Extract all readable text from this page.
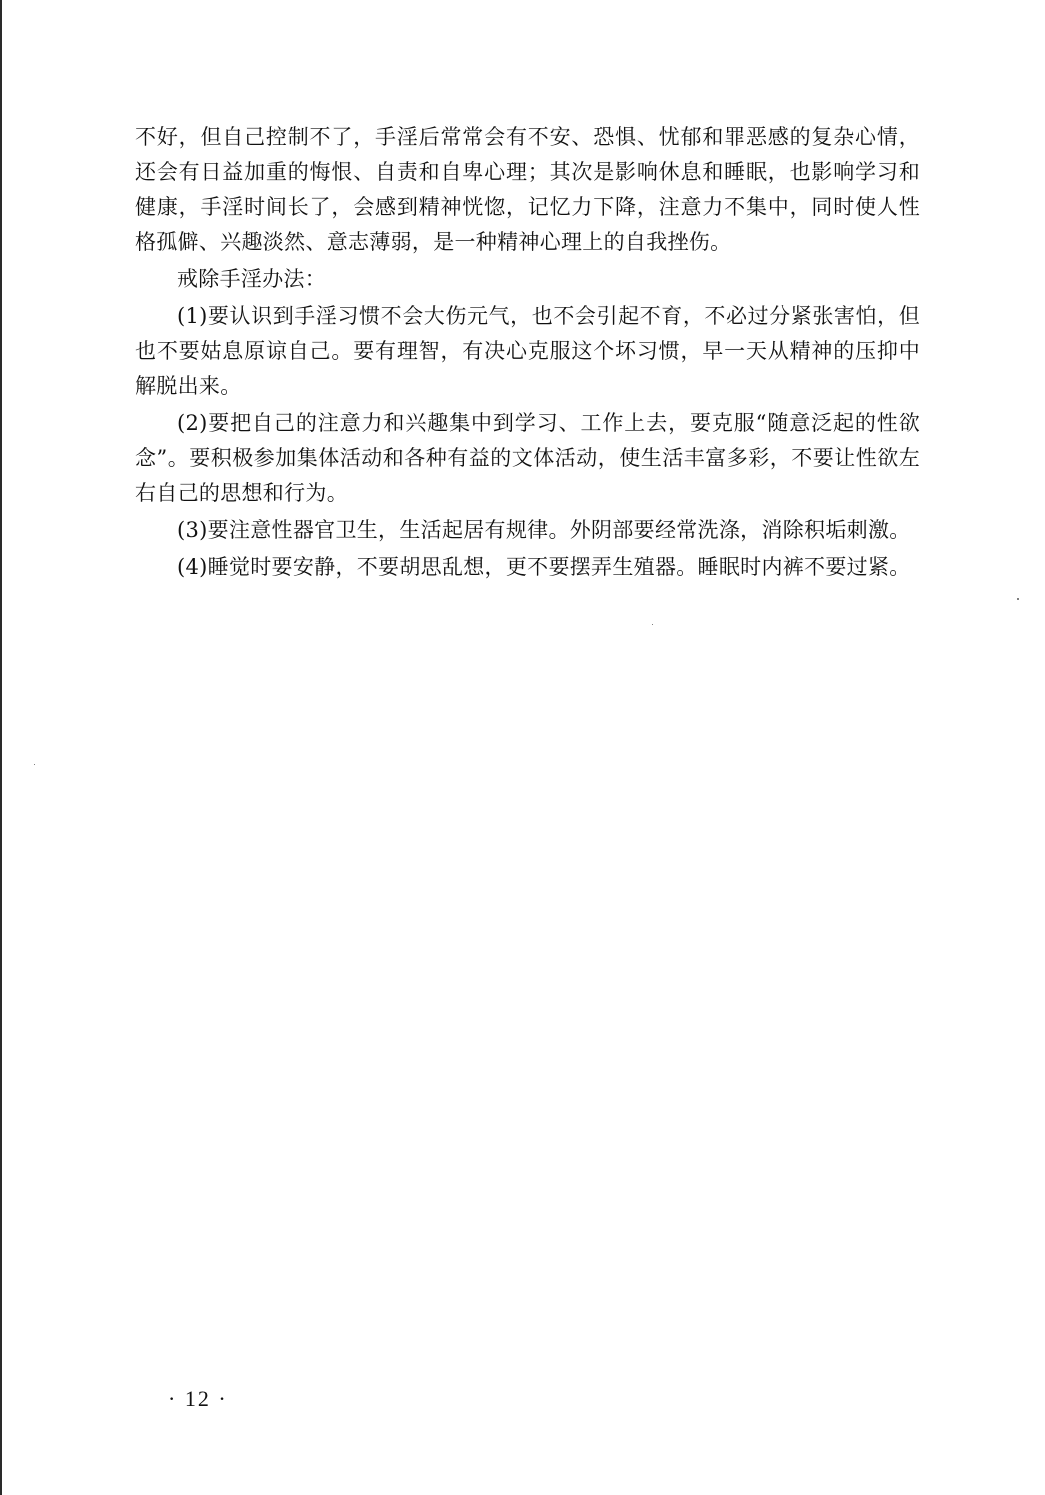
不好，但自己控制不了，手淫后常常会有不安、恐惧、忧郁和罪恶感的复杂心情，还会有日益加重的悔恨、自责和自卑心理；其次是影响休息和睡眠，也影响学习和健康，手淫时间长了，会感到精神恍惚，记忆力下降，注意力不集中，同时使人性格孤僻、兴趣淡然、意志薄弱，是一种精神心理上的自我挫伤。

戒除手淫办法：

(1)要认识到手淫习惯不会大伤元气，也不会引起不育，不必过分紧张害怕，但也不要姑息原谅自己。要有理智，有决心克服这个坏习惯，早一天从精神的压抑中解脱出来。

(2)要把自己的注意力和兴趣集中到学习、工作上去，要克服“随意泛起的性欲念”。要积极参加集体活动和各种有益的文体活动，使生活丰富多彩，不要让性欲左右自己的思想和行为。

(3)要注意性器官卫生，生活起居有规律。外阴部要经常洗涤，消除积垢刺激。

(4)睡觉时要安静，不要胡思乱想，更不要摆弄生殖器。睡眠时内裤不要过紧。

· 12 ·
